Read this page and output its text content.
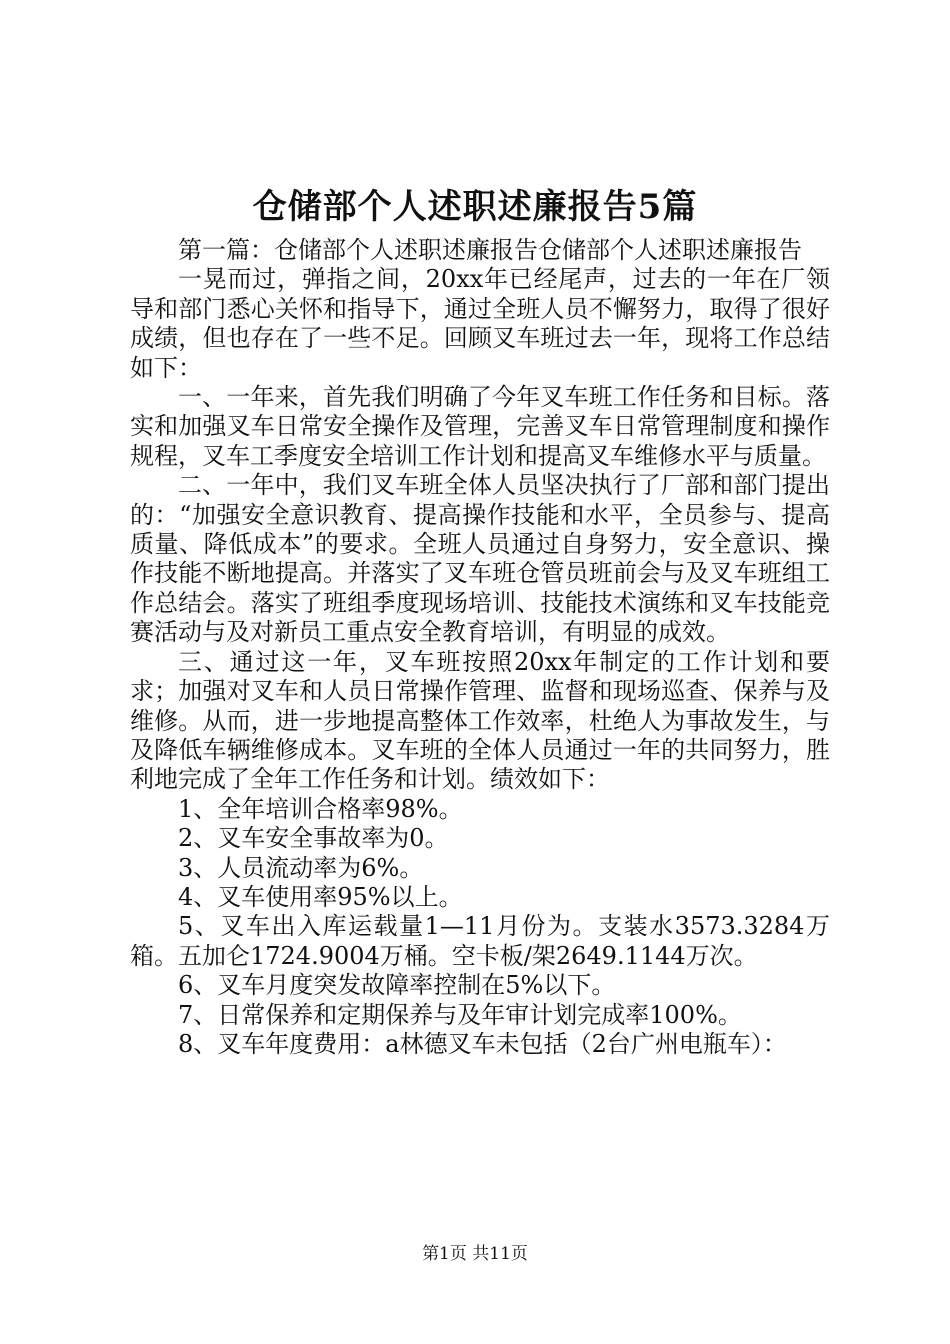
仓储部个人述职述廉报告5篇

第一篇：仓储部个人述职述廉报告仓储部个人述职述廉报告

一晃而过，弹指之间，20xx年已经尾声，过去的一年在厂领导和部门悉心关怀和指导下，通过全班人员不懈努力，取得了很好成绩，但也存在了一些不足。回顾叉车班过去一年，现将工作总结如下：

一、一年来，首先我们明确了今年叉车班工作任务和目标。落实和加强叉车日常安全操作及管理，完善叉车日常管理制度和操作规程，叉车工季度安全培训工作计划和提高叉车维修水平与质量。

二、一年中，我们叉车班全体人员坚决执行了厂部和部门提出的：“加强安全意识教育、提高操作技能和水平，全员参与、提高质量、降低成本”的要求。全班人员通过自身努力，安全意识、操作技能不断地提高。并落实了叉车班仓管员班前会与及叉车班组工作总结会。落实了班组季度现场培训、技能技术演练和叉车技能竞赛活动与及对新员工重点安全教育培训，有明显的成效。

三、通过这一年，叉车班按照20xx年制定的工作计划和要求；加强对叉车和人员日常操作管理、监督和现场巡查、保养与及维修。从而，进一步地提高整体工作效率，杜绝人为事故发生，与及降低车辆维修成本。叉车班的全体人员通过一年的共同努力，胜利地完成了全年工作任务和计划。绩效如下：

1、全年培训合格率98%。

2、叉车安全事故率为0。

3、人员流动率为6%。

4、叉车使用率95%以上。

5、叉车出入库运载量1—11月份为。支装水3573.3284万箱。五加仑1724.9004万桶。空卡板/架2649.1144万次。

6、叉车月度突发故障率控制在5%以下。

7、日常保养和定期保养与及年审计划完成率100%。

8、叉车年度费用：a林德叉车未包括（2台广州电瓶车）：

第1页 共11页
